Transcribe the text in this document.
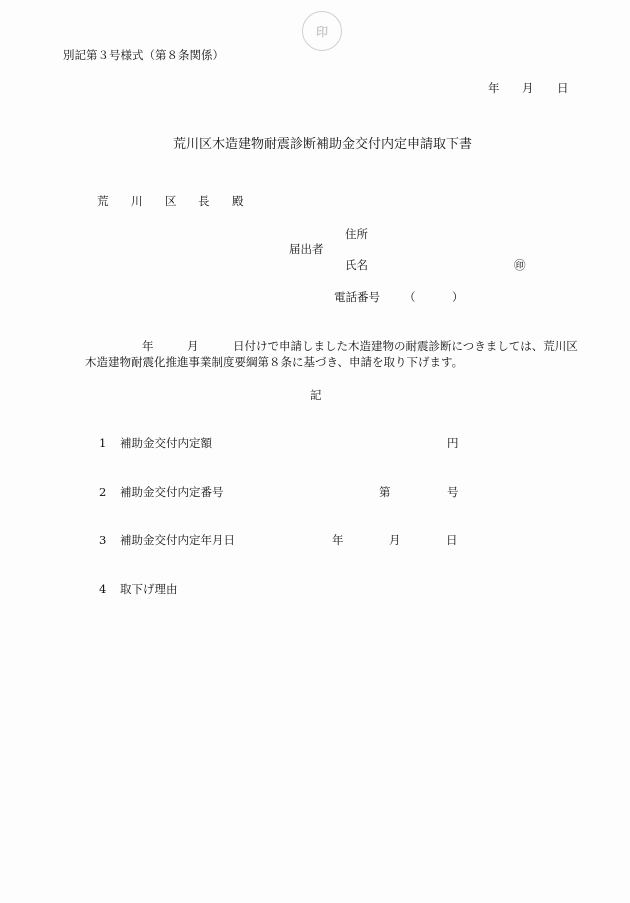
印
別記第３号様式（第８条関係）
年 月 日
荒川区木造建物耐震診断補助金交付内定申請取下書
荒 川 区 長 殿
住所
届出者
氏名	㊞
電話番号 （	）
年	月	日付けで申請しました木造建物の耐震診断につきましては、荒川区
木造建物耐震化推進事業制度要綱第８条に基づき、申請を取り下げます。
記
1 補助金交付内定額	円
2 補助金交付内定番号	第	号
3 補助金交付内定年月日	年	月	日
4 取下げ理由
